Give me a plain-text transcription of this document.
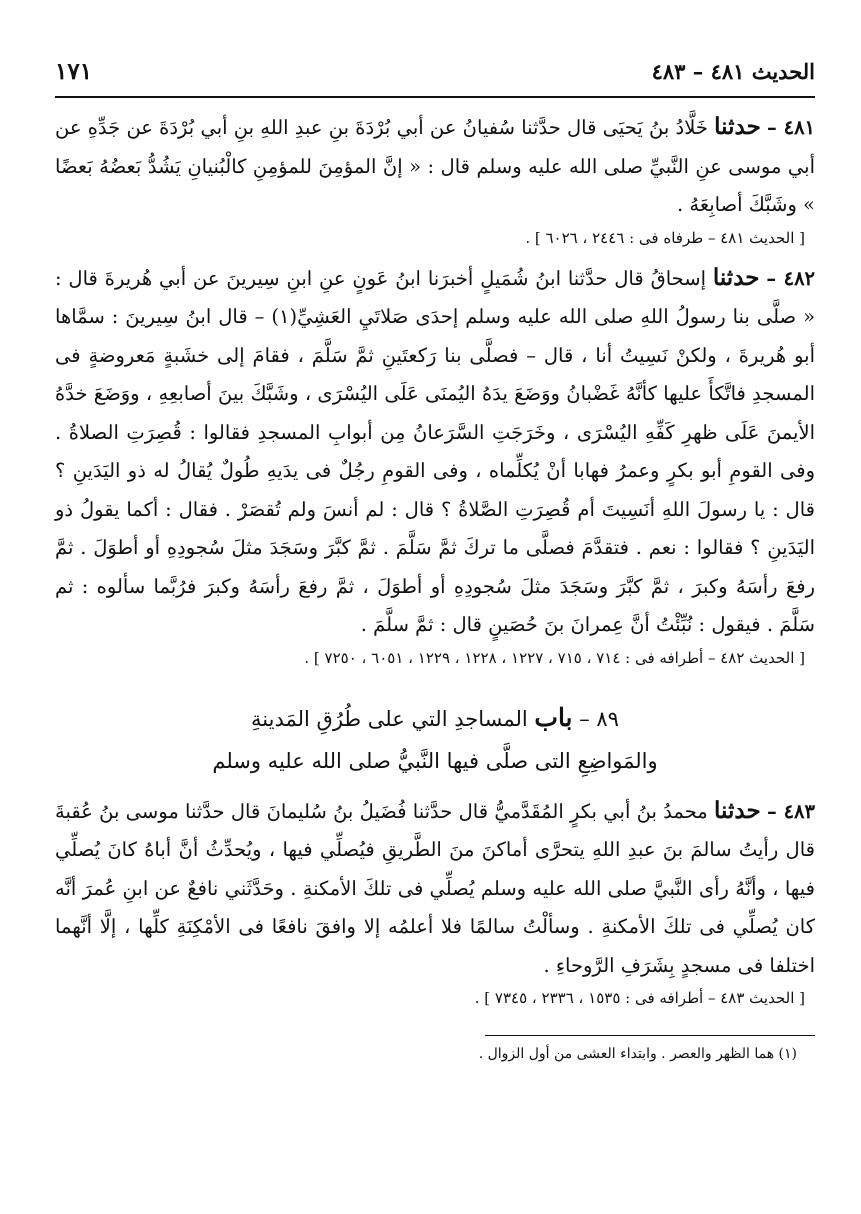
الحديث ٤٨١ – ٤٨٣
١٧١
٤٨١ – حدثنا خَلَّادُ بنُ يَحيَى قال حدَّثنا سُفيانُ عن أبي بُرْدَةَ بنِ عبدِ اللهِ بنِ أبي بُرْدَةَ عن جَدِّهِ عن أبي موسى عنِ النَّبيِّ صلى الله عليه وسلم قال : « إنَّ المؤمِنَ للمؤمِنِ كالْبُنيانِ يَشُدُّ بَعضُهُ بَعضًا » وشَبَّكَ أصابِعَهُ .
[ الحديث ٤٨١ – طرفاه فى : ٢٤٤٦ ، ٦٠٢٦ ] .
٤٨٢ – حدثنا إسحاقُ قال حدَّثنا ابنُ شُمَيلٍ أخبرَنا ابنُ عَونٍ عنِ ابنِ سِيرينَ عن أبي هُريرةَ قال : « صلَّى بنا رسولُ اللهِ صلى الله عليه وسلم إحدَى صَلاتَيِ العَشِيِّ(١) – قال ابنُ سِيرينَ : سمَّاها أبو هُريرةَ ، ولكنْ نَسِيتُ أنا ، قال – فصلَّى بنا رَكعتَينِ ثمَّ سَلَّمَ ، فقامَ إلى خشَبةٍ مَعروضةٍ فى المسجدِ فاتَّكأَ عليها كأنَّهُ غَضْبانُ ووَضَعَ يدَهُ اليُمنَى عَلَى اليُسْرَى ، وشَبَّكَ بينَ أصابعِهِ ، ووَضَعَ خدَّهُ الأيمنَ عَلَى ظهرِ كَفِّهِ اليُسْرَى ، وخَرَجَتِ السَّرَعانُ مِن أبوابِ المسجدِ فقالوا : قُصِرَتِ الصلاةُ . وفى القومِ أبو بكرٍ وعمرُ فهابا أنْ يُكلِّماه ، وفى القومِ رجُلٌ فى يدَيهِ طُولٌ يُقالُ له ذو اليَدَينِ ؟ قال : يا رسولَ اللهِ أنَسِيتَ أم قُصِرَتِ الصَّلاةُ ؟ قال : لم أنسَ ولم تُقصَرْ . فقال : أكما يقولُ ذو اليَدَينِ ؟ فقالوا : نعم . فتقدَّمَ فصلَّى ما تركَ ثمَّ سَلَّمَ . ثمَّ كبَّرَ وسَجَدَ مثلَ سُجودِهِ أو أطوَلَ . ثمَّ رفعَ رأسَهُ وكبرَ ، ثمَّ كبَّرَ وسَجَدَ مثلَ سُجودِهِ أو أطوَلَ ، ثمَّ رفعَ رأسَهُ وكبرَ فرُبَّما سألوه : ثم سَلَّمَ . فيقول : نُبِّئْتُ أنَّ عِمرانَ بنَ حُصَينٍ قال : ثمَّ سلَّمَ .
[ الحديث ٤٨٢ – أطرافه فى : ٧١٤ ، ٧١٥ ، ١٢٢٧ ، ١٢٢٨ ، ١٢٢٩ ، ٦٠٥١ ، ٧٢٥٠ ] .
٨٩ – باب المساجدِ التي على طُرُقِ المَدينةِ
والمَواضِعِ التى صلَّى فيها النَّبيُّ صلى الله عليه وسلم
٤٨٣ – حدثنا محمدُ بنُ أبي بكرٍ المُقَدَّميُّ قال حدَّثنا فُضَيلُ بنُ سُليمانَ قال حدَّثنا موسى بنُ عُقبةَ قال رأيتُ سالمَ بنَ عبدِ اللهِ يتحرَّى أماكنَ منَ الطَّريقِ فيُصلِّي فيها ، ويُحدِّثُ أنَّ أباهُ كانَ يُصلِّي فيها ، وأنَّهُ رأى النَّبيَّ صلى الله عليه وسلم يُصلِّي فى تلكَ الأمكنةِ . وحَدَّثَني نافعٌ عن ابنِ عُمرَ أنَّه كان يُصلِّي فى تلكَ الأمكنةِ . وسألْتُ سالمًا فلا أعلمُه إلا وافقَ نافعًا فى الأمْكِنَةِ كلِّها ، إلَّا أنَّهما اختلفا فى مسجدٍ بِشَرَفِ الرَّوحاءِ .
[ الحديث ٤٨٣ – أطرافه فى : ١٥٣٥ ، ٢٣٣٦ ، ٧٣٤٥ ] .
(١) هما الظهر والعصر . وابتداء العشى من أول الزوال .
